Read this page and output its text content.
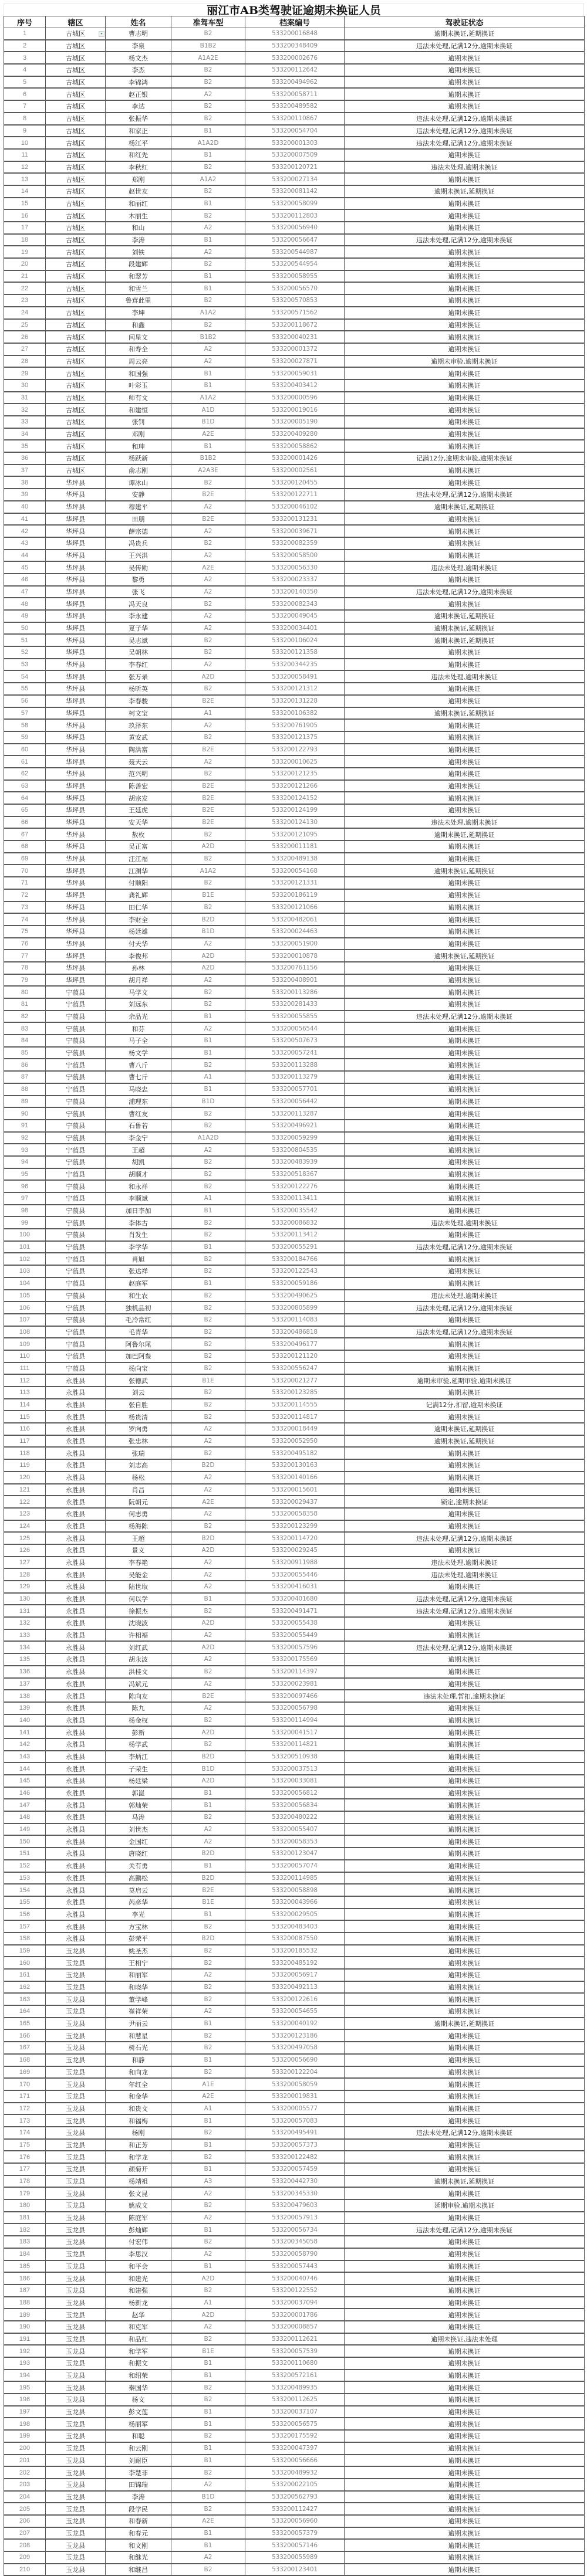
丽江市AB类驾驶证逾期未换证人员
序号	辖区	姓名	准驾车型	档案编号	驾驶证状态
1	古城区 ▾	曹志明	B2	533200016848	逾期未换证,延期换证
2	古城区	李泉	B1B2	533200348409	违法未处理,记满12分,逾期未换证
3	古城区	杨文杰	A1A2E	533200002676	逾期未换证
4	古城区	李杰	B2	533200112642	逾期未换证
5	古城区	李锦鸿	B2	533200494962	逾期未换证
6	古城区	赵正银	A2	533200058711	逾期未换证
7	古城区	李达	B2	533200489582	逾期未换证
8	古城区	张振华	B2	533200110867	违法未处理,记满12分,逾期未换证
9	古城区	和家正	B1	533200054704	违法未处理,记满12分,逾期未换证
10	古城区	杨江平	A1A2D	533200001303	违法未处理,记满12分,逾期未换证
11	古城区	和红先	B1	533200007509	逾期未换证
12	古城区	李秋红	B2	533200120721	违法未处理,逾期未换证
13	古城区	郑刚	A1A2	533200027134	逾期未换证
14	古城区	赵世友	B2	533200081142	逾期未换证,延期换证
15	古城区	和丽红	B1	533200058099	逾期未换证
16	古城区	木丽生	B2	533200112803	逾期未换证
17	古城区	和山	A2	533200056940	逾期未换证
18	古城区	李涛	B1	533200056647	违法未处理,记满12分,逾期未换证
19	古城区	刘铁	A2	533200544987	逾期未换证
20	古城区	段建辉	B2	533200544954	逾期未换证
21	古城区	和翠芳	B1	533200058955	逾期未换证
22	古城区	和雪兰	B1	533200056570	逾期未换证
23	古城区	鲁茸此里	B2	533200570853	逾期未换证
24	古城区	李坤	A1A2	533200571562	逾期未换证
25	古城区	和鑫	B2	533200118672	逾期未换证
26	古城区	闫星文	B1B2	533200040231	逾期未换证
27	古城区	和寿全	A2	533200001372	逾期未换证
28	古城区	周云亮	A2	533200027871	逾期未审验,逾期未换证
29	古城区	和国强	B1	533200059031	逾期未换证
30	古城区	叶彩玉	B1	533200403412	逾期未换证
31	古城区	师有文	A1A2	533200000596	逾期未换证
32	古城区	和建恒	A1D	533200019016	逾期未换证
33	古城区	张钊	B1D	533200005190	逾期未换证
34	古城区	邓刚	A2E	533200409280	逾期未换证
35	古城区	和珅	B1	533200058862	逾期未换证
36	古城区	杨跃新	B1B2	533200001426	记满12分,逾期未审验,逾期未换证
37	古城区	俞志刚	A2A3E	533200002561	逾期未换证
38	华坪县	谭冰山	B2	533200120455	逾期未换证
39	华坪县	安静	B2E	533200122711	违法未处理,记满12分,逾期未换证
40	华坪县	穆建平	A2	533200046102	逾期未换证,延期换证
41	华坪县	田朋	B2E	533200131231	逾期未换证
42	华坪县	薛宗德	A2	533200039671	逾期未换证
43	华坪县	冯贵兵	B2	533200082359	逾期未换证
44	华坪县	王兴洪	A2	533200058500	逾期未换证
45	华坪县	吴传勋	A2E	533200056330	违法未处理,逾期未换证
46	华坪县	黎勇	A2	533200023337	逾期未换证
47	华坪县	张飞	A2	533200140350	违法未处理,记满12分,逾期未换证
48	华坪县	冯天良	B2	533200082343	逾期未换证
49	华坪县	李永建	A2	533200049045	逾期未换证,延期换证
50	华坪县	夏子华	A2	533200034401	逾期未换证,延期换证
51	华坪县	吴志斌	B2	533200106024	逾期未换证,延期换证
52	华坪县	吴朝林	B2	533200121358	逾期未换证
53	华坪县	李春红	A2	533200344235	逾期未换证
54	华坪县	张万录	A2D	533200058491	违法未处理,逾期未换证
55	华坪县	杨昕英	B2	533200121312	逾期未换证
56	华坪县	李春骏	B2E	533200131228	逾期未换证
57	华坪县	柯文宝	A1	533200106382	逾期未换证,延期换证
58	华坪县	玖泽东	A2	533200761905	逾期未换证
59	华坪县	黄安武	B2	533200121375	逾期未换证
60	华坪县	陶洪富	B2E	533200122793	逾期未换证
61	华坪县	聂天云	A2	533200010625	逾期未换证
62	华坪县	范兴明	B2	533200121235	逾期未换证
63	华坪县	陈善宏	B2E	533200121266	逾期未换证
64	华坪县	胡宗发	B2E	533200124152	逾期未换证
65	华坪县	王廷虎	B2E	533200124199	逾期未换证
66	华坪县	安天华	B2E	533200124130	违法未处理,逾期未换证
67	华坪县	敖枚	B2	533200121095	逾期未换证,延期换证
68	华坪县	吴正富	A2D	533200011181	逾期未换证
69	华坪县	汪江福	B2	533200489138	逾期未换证
70	华坪县	江渊华	A1A2	533200054168	逾期未换证,延期换证
71	华坪县	付顺阳	B2	533200121331	逾期未换证
72	华坪县	龚礼辉	B1E	533200186119	逾期未换证
73	华坪县	田仁华	B2	533200121066	逾期未换证
74	华坪县	李财全	B2D	533200482061	逾期未换证
75	华坪县	杨廷雄	B1D	533200024463	逾期未换证
76	华坪县	付天华	A2	533200051900	逾期未换证
77	华坪县	李俊邦	A2D	533200010878	逾期未换证,延期换证
78	华坪县	孙林	A2D	533200761156	逾期未换证
79	华坪县	胡月祥	A2	533200408901	逾期未换证
80	宁蒗县	马学文	B2	533200113286	逾期未换证
81	宁蒗县	刘远东	B2	533200281433	逾期未换证
82	宁蒗县	余品光	B1	533200055855	违法未处理,记满12分,逾期未换证
83	宁蒗县	和芬	A2	533200056544	逾期未换证
84	宁蒗县	马子全	B1	533200507673	逾期未换证
85	宁蒗县	杨文学	B1	533200057241	逾期未换证
86	宁蒗县	曹八斤	B2	533200113288	逾期未换证
87	宁蒗县	曹七斤	A1	533200113279	逾期未换证
88	宁蒗县	马晓忠	B1	533200057701	逾期未换证
89	宁蒗县	浦理东	B1D	533200056442	逾期未换证
90	宁蒗县	曹红友	B2	533200113287	逾期未换证
91	宁蒗县	石鲁若	B2	533200496921	逾期未换证
92	宁蒗县	李金宁	A1A2D	533200059299	逾期未换证
93	宁蒗县	王超	A2	533200804535	逾期未换证
94	宁蒗县	胡凯	B2	533200483939	逾期未换证
95	宁蒗县	胡顺才	B2	533200518367	逾期未换证
96	宁蒗县	和永祥	B2	533200122276	逾期未换证
97	宁蒗县	李顺斌	A1	533200113411	逾期未换证
98	宁蒗县	加日李加	B1	533200035542	逾期未换证
99	宁蒗县	李体古	B2	533200086832	违法未处理,逾期未换证
100	宁蒗县	肖发生	B2	533200113412	逾期未换证
101	宁蒗县	李学华	B1	533200055291	违法未处理,记满12分,逾期未换证
102	宁蒗县	肖旭	B2	533200184766	逾期未换证
103	宁蒗县	张达祥	B2	533200122543	逾期未换证
104	宁蒗县	赵庭军	B1	533200059186	逾期未换证
105	宁蒗县	和生农	B2	533200490625	违法未处理,逾期未换证
106	宁蒗县	独机品初	B2	533200805899	违法未处理,记满12分,逾期未换证
107	宁蒗县	毛冷常红	B2	533200114083	逾期未换证
108	宁蒗县	毛青华	B2	533200486818	违法未处理,记满12分,逾期未换证
109	宁蒗县	阿鲁尔尾	B2	533200496177	逾期未换证
110	宁蒗县	加巴阿叁	B2	533200121120	逾期未换证
111	宁蒗县	杨向宝	B2	533200556247	逾期未换证
112	永胜县	张德武	B1E	533200021277	逾期未审验,延期审验,逾期未换证
113	永胜县	刘云	B2	533200123285	逾期未换证
114	永胜县	张自胜	B2	533200114555	记满12分,扣留,逾期未换证
115	永胜县	杨贵清	B2	533200114817	逾期未换证
116	永胜县	罗向勇	A2	533200018449	逾期未换证,延期换证
117	永胜县	张忠林	A2	533200052950	逾期未换证,延期换证
118	永胜县	张瑞	B2	533200495182	逾期未换证
119	永胜县	刘志高	B2D	533200130163	逾期未换证
120	永胜县	杨松	A2	533200140166	逾期未换证
121	永胜县	肖昌	A2	533200015601	逾期未换证
122	永胜县	阮朝元	A2E	533200029437	锁定,逾期未换证
123	永胜县	何志勇	A2	533200058358	逾期未换证
124	永胜县	杨海陈	B2	533200123299	逾期未换证
125	永胜县	王超	B2D	533200114720	违法未处理,记满12分,逾期未换证
126	永胜县	景义	A2D	533200029245	逾期未换证
127	永胜县	李春艳	A2	533200911988	违法未处理,逾期未换证
128	永胜县	吴能金	A2	533200055446	违法未处理,逾期未换证
129	永胜县	陆世取	A2	533200416031	逾期未换证
130	永胜县	何以学	B1	533200401680	违法未处理,记满12分,逾期未换证
131	永胜县	徐振杰	B2	533200491471	违法未处理,记满12分,逾期未换证
132	永胜县	沈晓波	A2D	533200055438	逾期未换证
133	永胜县	许相福	A2	533200055449	逾期未换证
134	永胜县	刘红武	A2D	533200057596	违法未处理,记满12分,逾期未换证
135	永胜县	胡永波	A2	533200175569	逾期未换证
136	永胜县	洪桂文	B2	533200114397	逾期未换证
137	永胜县	冯斌元	A2	533200023981	逾期未换证
138	永胜县	陈向友	B2E	533200097466	违法未处理,暂扣,逾期未换证
139	永胜县	陈九	A2	533200056798	逾期未换证
140	永胜县	杨金权	B2	533200114994	逾期未换证
141	永胜县	彭新	A2D	533200041517	逾期未换证
142	永胜县	杨学武	B2	533200114821	逾期未换证
143	永胜县	李炳江	B2D	533200510938	逾期未换证
144	永胜县	子荣生	B1D	533200037513	逾期未换证
145	永胜县	杨廷梁	A2D	533200033081	逾期未换证
146	永胜县	郭崑	B1	533200056812	逾期未换证
147	永胜县	郭灿荣	B1	533200056834	逾期未换证
148	永胜县	马涛	B2	533200480222	逾期未换证
149	永胜县	刘世杰	A2	533200055407	逾期未换证
150	永胜县	金国红	A2	533200058353	逾期未换证
151	永胜县	唐晓红	B2D	533200123047	逾期未换证
152	永胜县	关有勇	B1	533200057074	逾期未换证
153	永胜县	高鹏松	B2D	533200114985	逾期未换证
154	永胜县	莫启云	B2E	533200058898	逾期未换证
155	永胜县	芮彦华	B1E	533200043966	逾期未换证
156	永胜县	李光	B1	533200029505	逾期未换证
157	永胜县	方宝林	B2	533200483403	逾期未换证
158	永胜县	彭荣平	B2D	533200087550	逾期未换证
159	玉龙县	姚圣杰	B2	533200185532	逾期未换证
160	玉龙县	王相宁	B2	533200485192	逾期未换证
161	玉龙县	和丽军	A2	533200056917	逾期未换证
162	玉龙县	和晓华	B2	533200492113	逾期未换证
163	玉龙县	董学峰	B2	533200122616	逾期未换证
164	玉龙县	崔祥荣	A2	533200054655	逾期未换证
165	玉龙县	尹丽云	B1	533200040192	逾期未换证,延期换证
166	玉龙县	和慧星	B2	533200123186	逾期未换证
167	玉龙县	树石光	B2	533200497058	逾期未换证
168	玉龙县	和静	B1	533200056690	逾期未换证
169	玉龙县	和向龙	B2	533200122204	逾期未换证
170	玉龙县	年红全	A1E	533200058059	逾期未换证
171	玉龙县	和金华	A2E	533200019831	逾期未换证
172	玉龙县	和贵文	A1	533200005577	逾期未换证
173	玉龙县	和福梅	B1	533200057083	逾期未换证
174	玉龙县	杨刚	B2	533200495491	违法未处理,记满12分,逾期未换证
175	玉龙县	和正芳	B1	533200057373	逾期未换证
176	玉龙县	和学龙	B2	533200122482	逾期未换证
177	玉龙县	颜菊开	B1	533200057459	逾期未换证
178	玉龙县	杨靖祖	A3	533200442730	逾期未换证,延期换证
179	玉龙县	张文昆	A2	533200345330	逾期未换证
180	玉龙县	姚成文	B2	533200479603	延期审验,逾期未换证
181	玉龙县	陈庭军	A2	533200057913	逾期未换证
182	玉龙县	彭灿辉	B1	533200056734	违法未处理,记满12分,逾期未换证
183	玉龙县	付宏伟	B2	533200345058	逾期未换证
184	玉龙县	李思汉	A2	533200058790	逾期未换证
185	玉龙县	和平会	B1	533200057443	逾期未换证
186	玉龙县	和建光	A2D	533200040746	逾期未换证
187	玉龙县	和建强	B2	533200122552	逾期未换证
188	玉龙县	杨新龙	A1	533200037094	逾期未换证
189	玉龙县	赵华	A2D	533200001786	逾期未换证
190	玉龙县	和克军	A2	533200008857	逾期未换证
191	玉龙县	和品红	B2	533200112621	逾期未换证,违法未处理
192	玉龙县	和学军	B1E	533200057539	逾期未换证
193	玉龙县	和振文	B1	533200110680	逾期未换证
194	玉龙县	和绍荣	B1	533200572161	逾期未换证
195	玉龙县	秦国华	B2	533200489935	逾期未换证
196	玉龙县	杨文	B2	533200112625	逾期未换证
197	玉龙县	彭文莲	B1	533200037107	逾期未换证
198	玉龙县	杨丽军	B1	533200056575	逾期未换证
199	玉龙县	和聪	B2	533200175592	逾期未换证
200	玉龙县	和云刚	B1	533200047397	逾期未换证
201	玉龙县	刘耐臣	B1	533200056666	逾期未换证
202	玉龙县	李楚非	B2	533200489932	逾期未换证
203	玉龙县	田锦瑞	A2	533200022105	逾期未换证
204	玉龙县	李涛	B1D	533200562793	逾期未换证
205	玉龙县	段学民	B2	533200112427	逾期未换证
206	玉龙县	和春新	A2E	533200056960	逾期未换证
207	玉龙县	和春元	B1	533200057379	逾期未换证
208	玉龙县	和文刚	B1	533200057146	逾期未换证
209	玉龙县	和继光	A2	533200055989	逾期未换证
210	玉龙县	和继昌	B2	533200123401	逾期未换证
